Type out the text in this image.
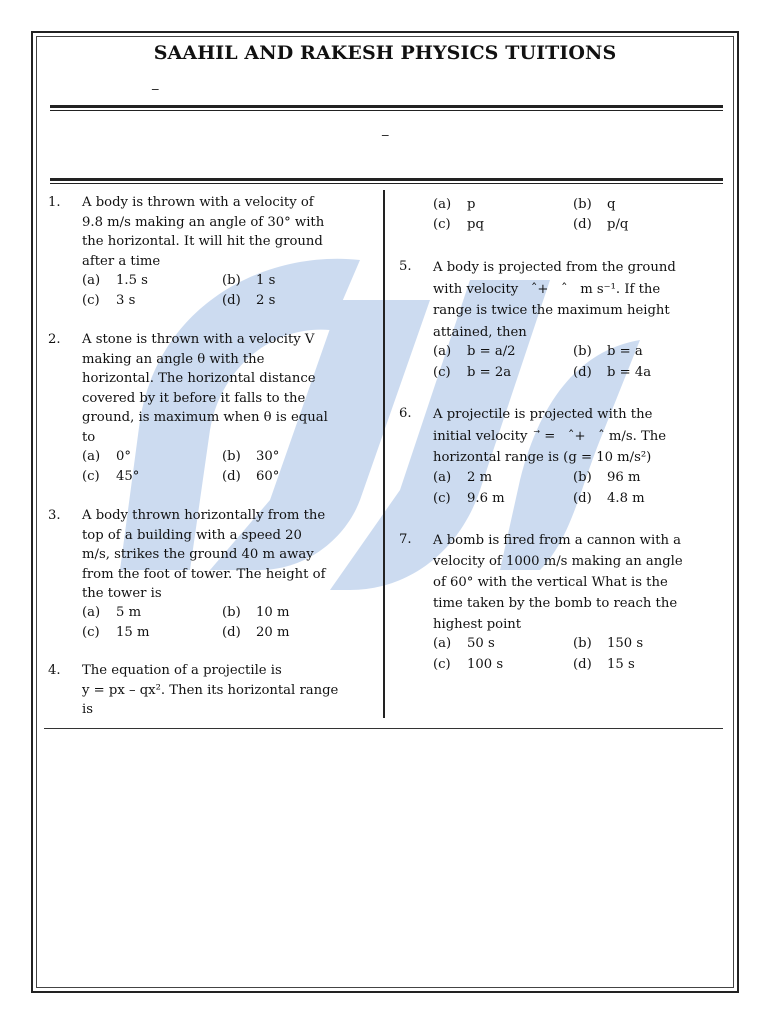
SAAHIL AND RAKESH PHYSICS TUITIONS
_
_
1. A body is thrown with a velocity of
9.8 m/s making an angle of 30° with
the horizontal. It will hit the ground
after a time
(a) 1.5 s	(b) 1 s
(c) 3 s	(d) 2 s
2. A stone is thrown with a velocity V
making an angle θ with the
horizontal. The horizontal distance
covered by it before it falls to the
ground, is maximum when θ is equal
to
(a) 0°	(b) 30°
(c) 45°	(d) 60°
3. A body thrown horizontally from the
top of a building with a speed 20
m/s, strikes the ground 40 m away
from the foot of tower. The height of
the tower is
(a) 5 m	(b) 10 m
(c) 15 m	(d) 20 m
4. The equation of a projectile is
y = px – qx². Then its horizontal range
is
(a) p	(b) q
(c) pq	(d) p/q
5. A body is projected from the ground
with velocity   ˆ+   ˆ   m s⁻¹. If the
range is twice the maximum height
attained, then
(a) b = a/2	(b) b = a
(c) b = 2a	(d) b = 4a
6. A projectile is projected with the
initial velocity   ⃗ =   ˆ+   ˆ m/s. The
horizontal range is (g = 10 m/s²)
(a) 2 m	(b) 96 m
(c) 9.6 m	(d) 4.8 m
7. A bomb is fired from a cannon with a
velocity of 1000 m/s making an angle
of 60° with the vertical What is the
time taken by the bomb to reach the
highest point
(a) 50 s	(b) 150 s
(c) 100 s	(d) 15 s
